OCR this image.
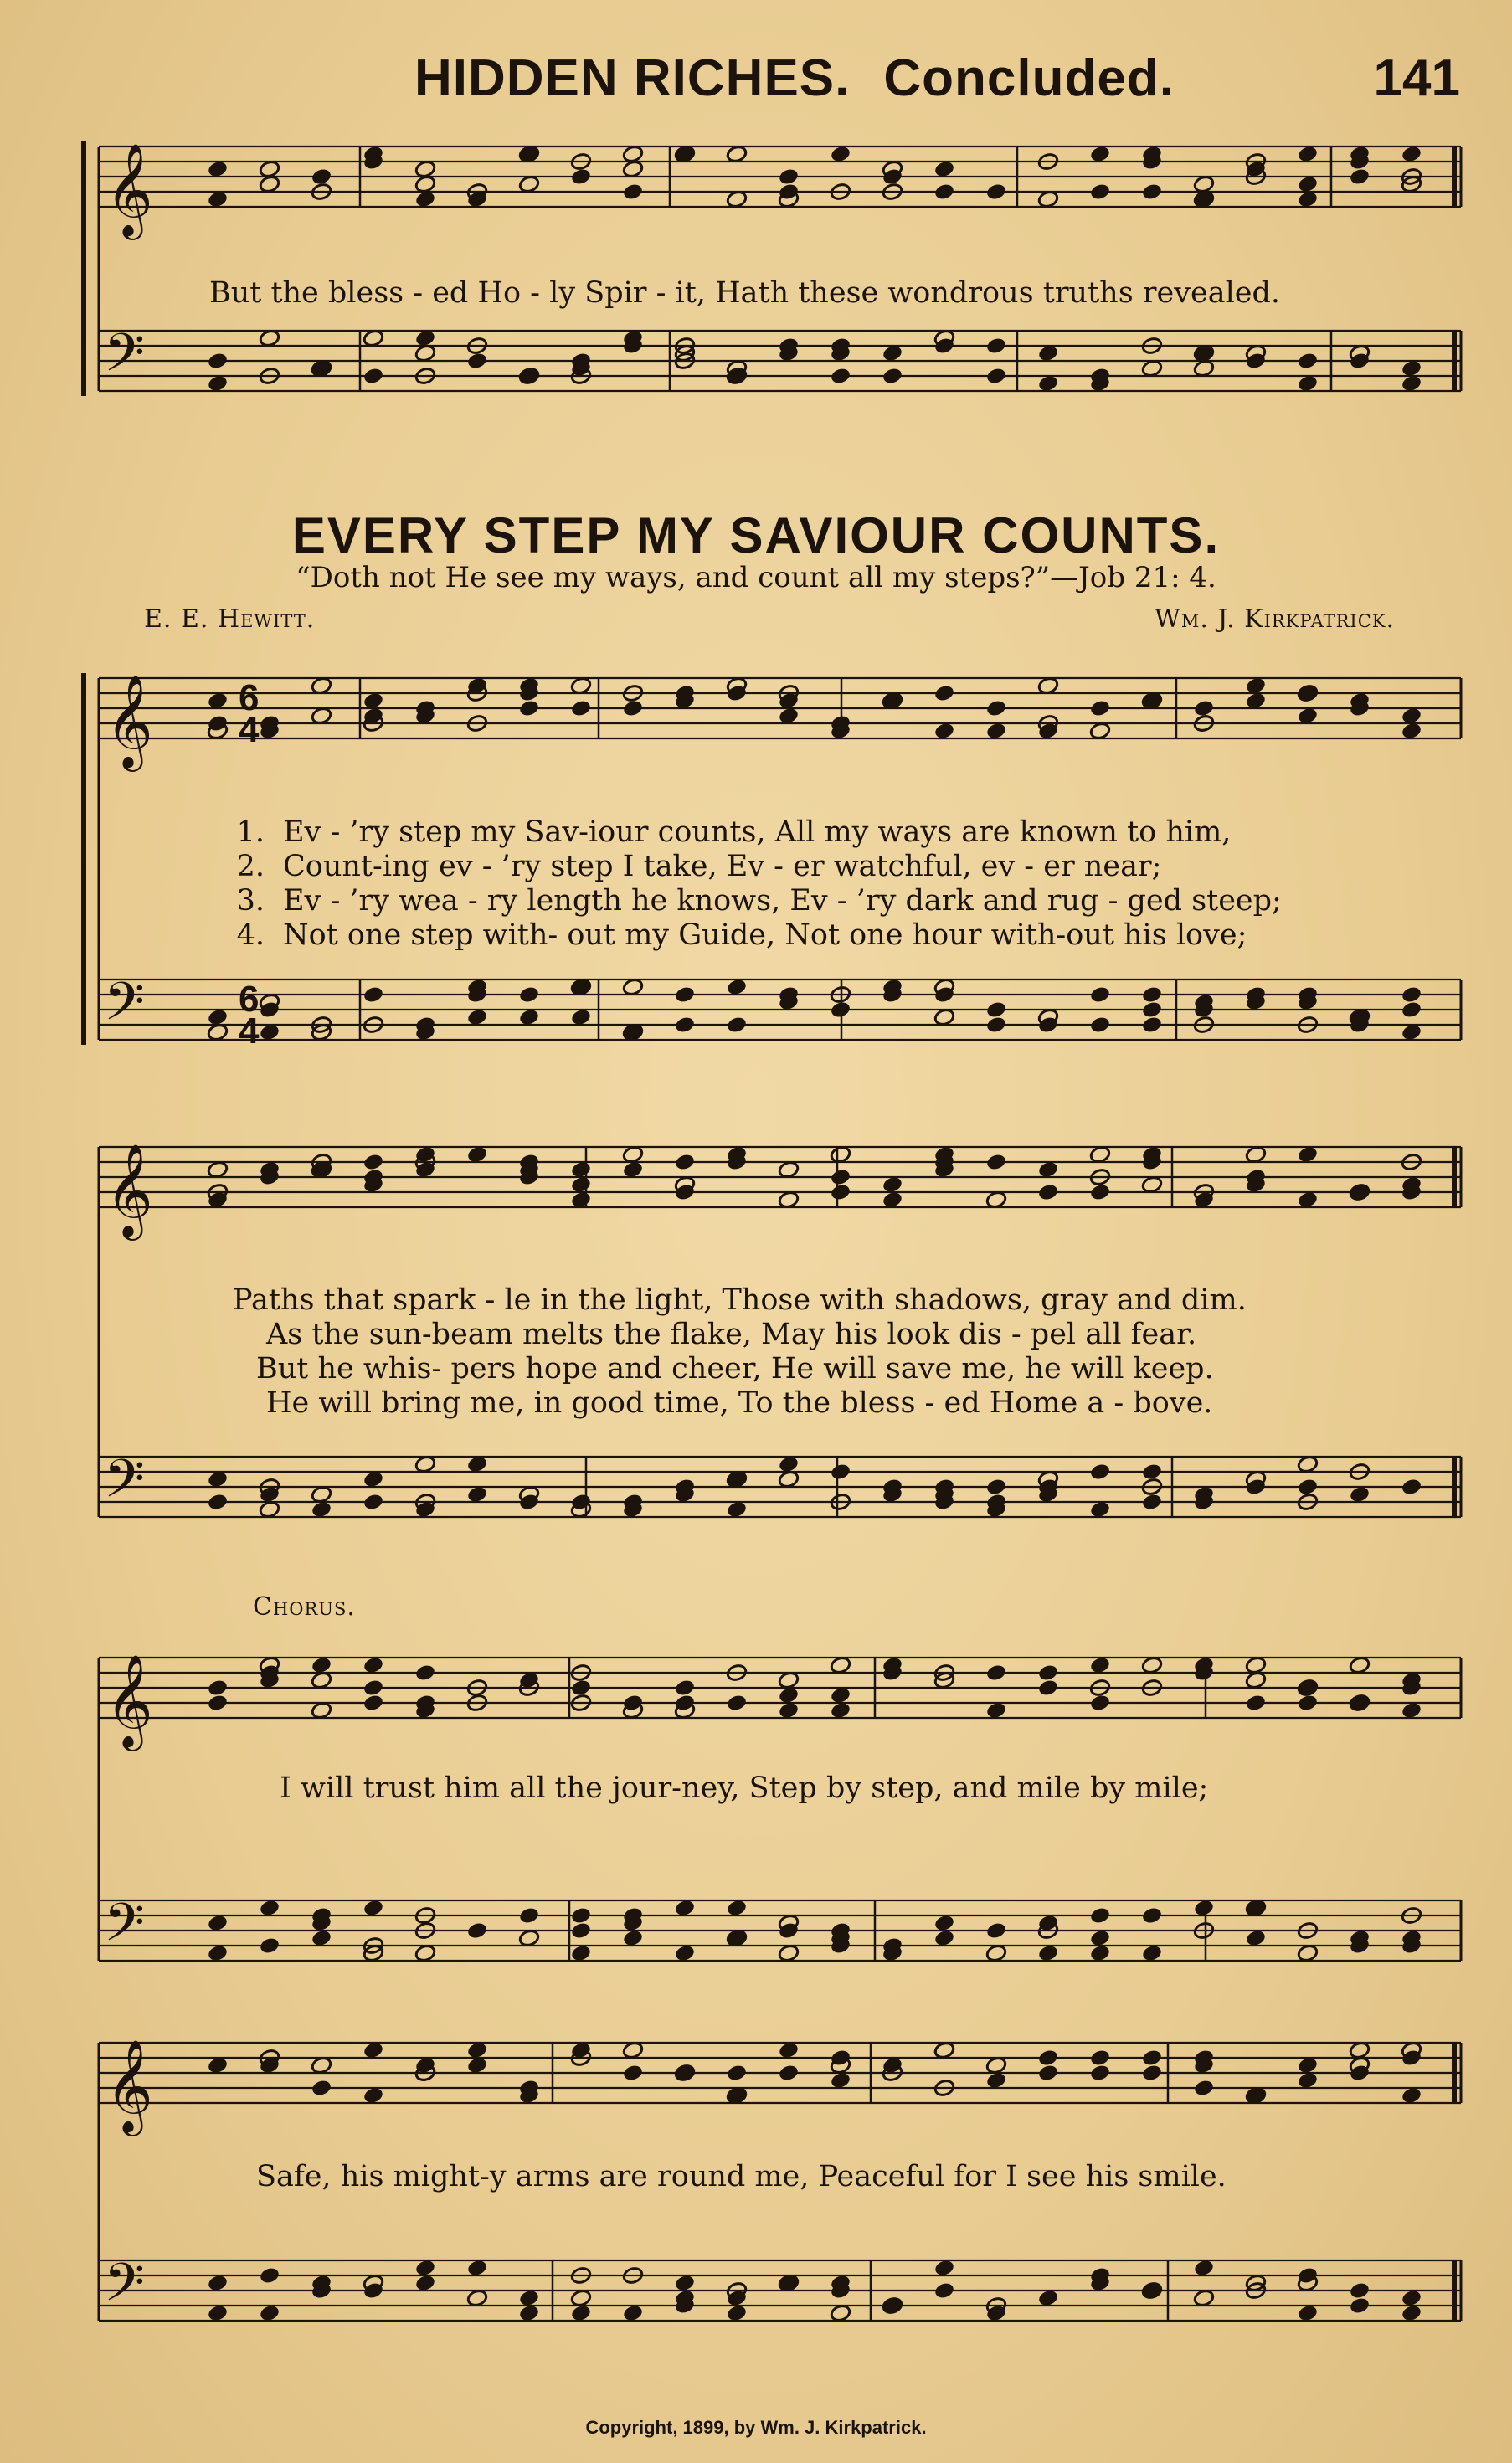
HIDDEN RICHES. Concluded.	141
𝄞
𝄢
𝄞
𝄢
𝄞
𝄢
𝄞
𝄢
𝄞
𝄢
6
4
6
4
But the bless - ed Ho - ly Spir - it, Hath these wondrous truths revealed.
EVERY STEP MY SAVIOUR COUNTS.
“Doth not He see my ways, and count all my steps?”—Job 21: 4.
E. E. Hewitt.	Wm. J. Kirkpatrick.
1. Ev - ’ry step my Sav-iour counts, All my ways are known to him,
2. Count-ing ev - ’ry step I take, Ev - er watchful, ev - er near;
3. Ev - ’ry wea - ry length he knows, Ev - ’ry dark and rug - ged steep;
4. Not one step with- out my Guide, Not one hour with-out his love;
Paths that spark - le in the light, Those with shadows, gray and dim.
As the sun-beam melts the flake, May his look dis - pel all fear.
But he whis- pers hope and cheer, He will save me, he will keep.
He will bring me, in good time, To the bless - ed Home a - bove.
Chorus.
I will trust him all the jour-ney, Step by step, and mile by mile;
Safe, his might-y arms are round me, Peaceful for I see his smile.
Copyright, 1899, by Wm. J. Kirkpatrick.
